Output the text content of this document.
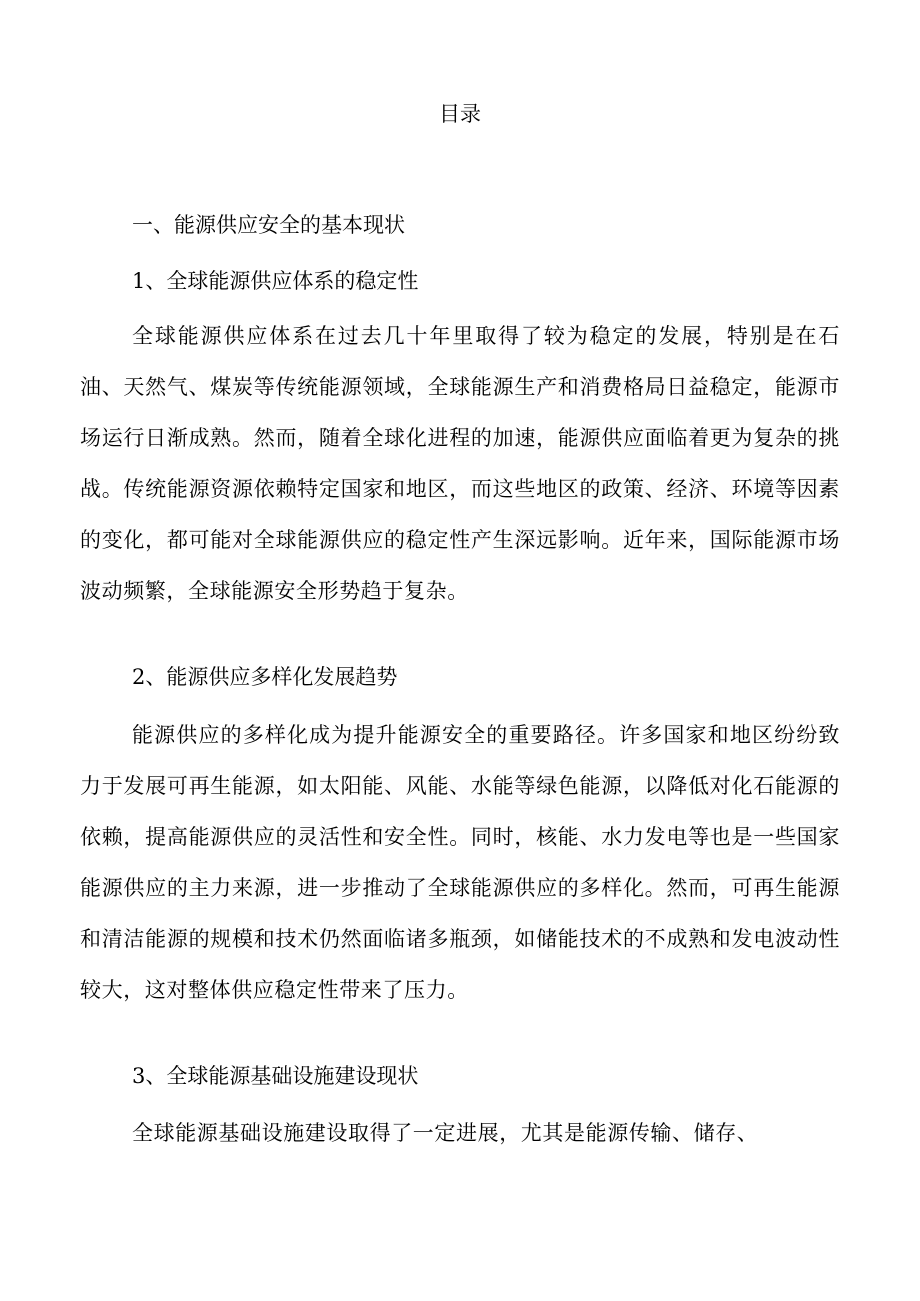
目录
一、能源供应安全的基本现状
1、全球能源供应体系的稳定性
全球能源供应体系在过去几十年里取得了较为稳定的发展，特别是在石油、天然气、煤炭等传统能源领域，全球能源生产和消费格局日益稳定，能源市场运行日渐成熟。然而，随着全球化进程的加速，能源供应面临着更为复杂的挑战。传统能源资源依赖特定国家和地区，而这些地区的政策、经济、环境等因素的变化，都可能对全球能源供应的稳定性产生深远影响。近年来，国际能源市场波动频繁，全球能源安全形势趋于复杂。
2、能源供应多样化发展趋势
能源供应的多样化成为提升能源安全的重要路径。许多国家和地区纷纷致力于发展可再生能源，如太阳能、风能、水能等绿色能源，以降低对化石能源的依赖，提高能源供应的灵活性和安全性。同时，核能、水力发电等也是一些国家能源供应的主力来源，进一步推动了全球能源供应的多样化。然而，可再生能源和清洁能源的规模和技术仍然面临诸多瓶颈，如储能技术的不成熟和发电波动性较大，这对整体供应稳定性带来了压力。
3、全球能源基础设施建设现状
全球能源基础设施建设取得了一定进展，尤其是能源传输、储存、
